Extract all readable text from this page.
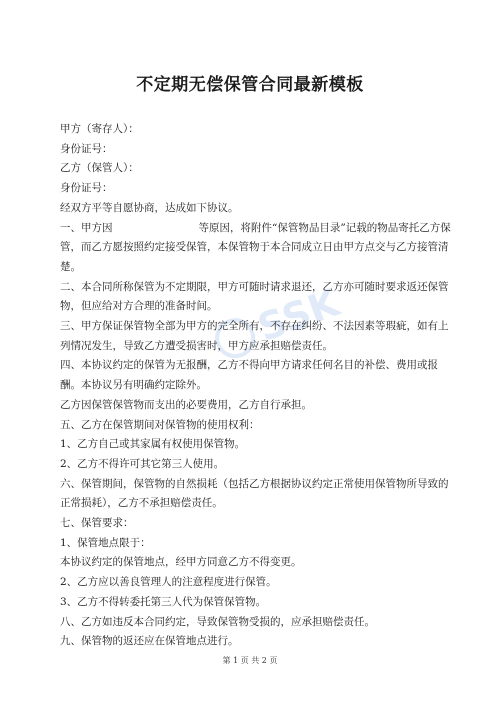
不定期无偿保管合同最新模板
SSK

甲方（寄存人）：

身份证号：

乙方（保管人）：

身份证号：

经双方平等自愿协商，达成如下协议。

一、甲方因	等原因，将附件“保管物品目录”记载的物品寄托乙方保管，而乙方愿按照约定接受保管，本保管物于本合同成立日由甲方点交与乙方接管清楚。

二、本合同所称保管为不定期限，甲方可随时请求退还，乙方亦可随时要求返还保管物，但应给对方合理的准备时间。

三、甲方保证保管物全部为甲方的完全所有，不存在纠纷、不法因素等瑕疵，如有上列情况发生，导致乙方遭受损害时，甲方应承担赔偿责任。

四、本协议约定的保管为无报酬，乙方不得向甲方请求任何名目的补偿、费用或报酬。本协议另有明确约定除外。

乙方因保管保管物而支出的必要费用，乙方自行承担。

五、乙方在保管期间对保管物的使用权利：

1、乙方自己或其家属有权使用保管物。

2、乙方不得许可其它第三人使用。

六、保管期间，保管物的自然损耗（包括乙方根据协议约定正常使用保管物所导致的正常损耗），乙方不承担赔偿责任。

七、保管要求：

1、保管地点限于：

本协议约定的保管地点，经甲方同意乙方不得变更。

2、乙方应以善良管理人的注意程度进行保管。

3、乙方不得转委托第三人代为保管保管物。

八、乙方如违反本合同约定，导致保管物受损的，应承担赔偿责任。

九、保管物的返还应在保管地点进行。

第 1 页 共 2 页
